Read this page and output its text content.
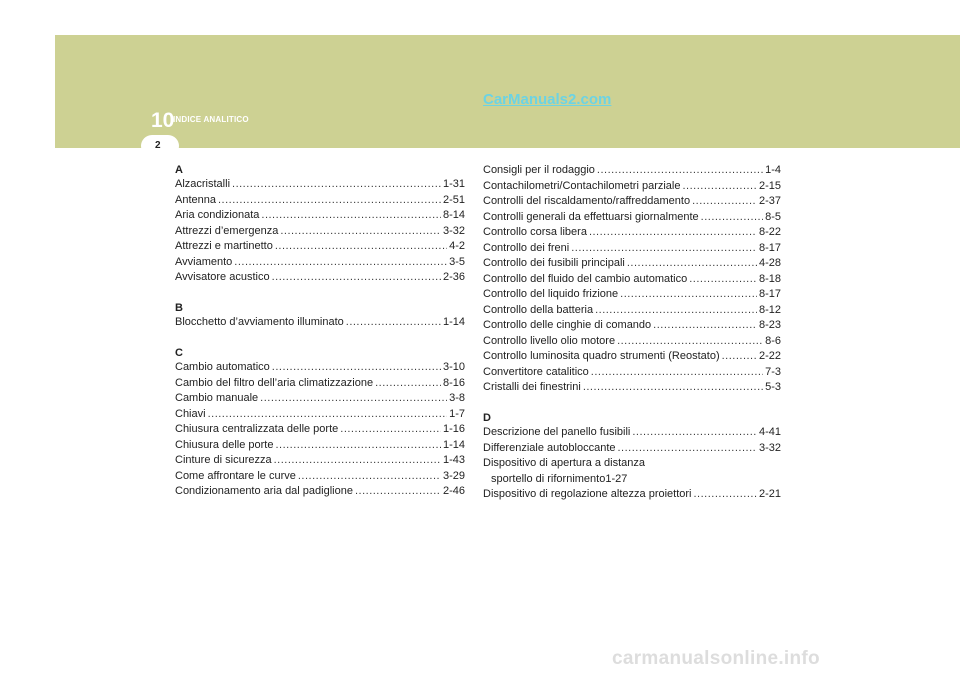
10
INDICE ANALITICO
CarManuals2.com
2
A
Alzacristalli .....	1-31
Antenna .....	2-51
Aria condizionata .....	8-14
Attrezzi d’emergenza .....	3-32
Attrezzi e martinetto .....	4-2
Avviamento .....	3-5
Avvisatore acustico .....	2-36
B
Blocchetto d’avviamento illuminato .....	1-14
C
Cambio automatico .....	3-10
Cambio del filtro dell’aria climatizzazione .....	8-16
Cambio manuale .....	3-8
Chiavi .....	1-7
Chiusura centralizzata delle porte .....	1-16
Chiusura delle porte .....	1-14
Cinture di sicurezza .....	1-43
Come affrontare le curve .....	3-29
Condizionamento aria dal padiglione .....	2-46
Consigli per il rodaggio .....	1-4
Contachilometri/Contachilometri parziale .....	2-15
Controlli del riscaldamento/raffreddamento .....	2-37
Controlli generali da effettuarsi giornalmente .....	8-5
Controllo corsa libera .....	8-22
Controllo dei freni .....	8-17
Controllo dei fusibili principali .....	4-28
Controllo del fluido del cambio automatico .....	8-18
Controllo del liquido frizione .....	8-17
Controllo della batteria .....	8-12
Controllo delle cinghie di comando .....	8-23
Controllo livello olio motore .....	8-6
Controllo luminosita quadro strumenti (Reostato) .....	2-22
Convertitore catalitico .....	7-3
Cristalli dei finestrini .....	5-3
D
Descrizione del panello fusibili .....	4-41
Differenziale autobloccante .....	3-32
Dispositivo di apertura a distanza
sportello di rifornimento 1-27
Dispositivo di regolazione altezza proiettori .....	2-21
carmanualsonline.info
